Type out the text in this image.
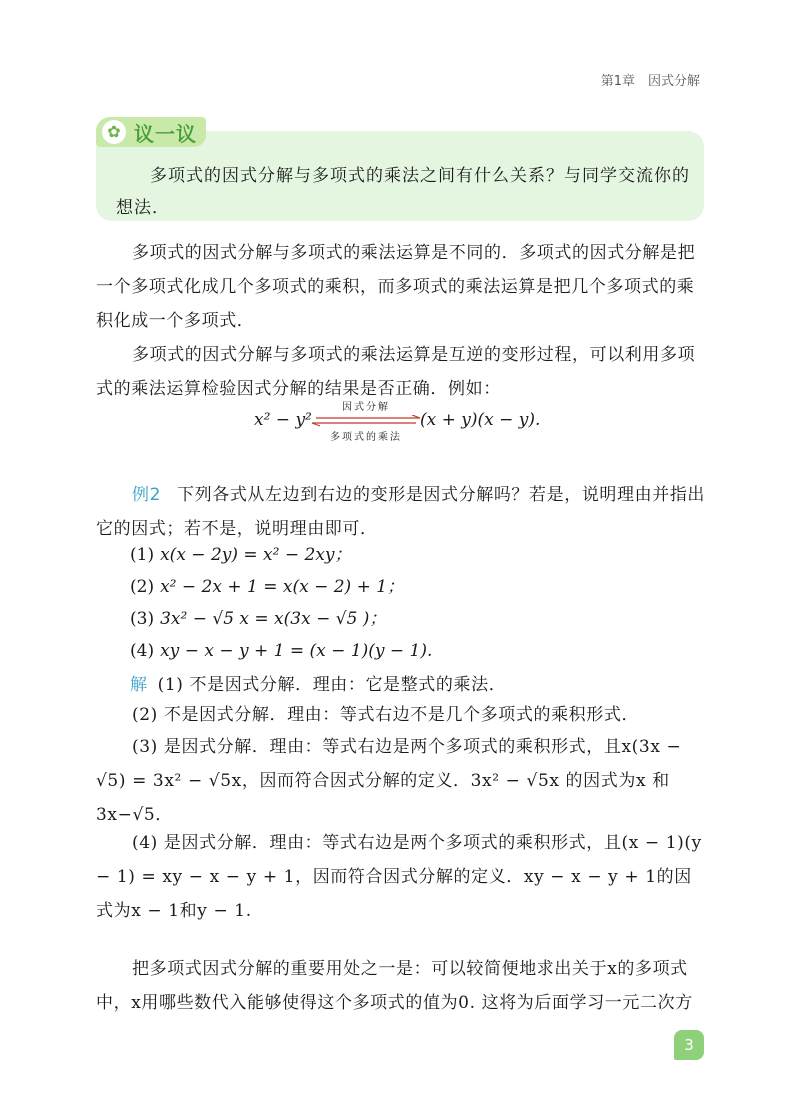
第1章　因式分解
✿ 议一议
多项式的因式分解与多项式的乘法之间有什么关系？与同学交流你的想法．
多项式的因式分解与多项式的乘法运算是不同的．多项式的因式分解是把一个多项式化成几个多项式的乘积，而多项式的乘法运算是把几个多项式的乘积化成一个多项式．
多项式的因式分解与多项式的乘法运算是互逆的变形过程，可以利用多项式的乘法运算检验因式分解的结果是否正确．例如：
x² − y²
因式分解
多项式的乘法
(x + y)(x − y).
例2 下列各式从左边到右边的变形是因式分解吗？若是，说明理由并指出它的因式；若不是，说明理由即可．
(1) x(x − 2y) = x² − 2xy；
(2) x² − 2x + 1 = x(x − 2) + 1；
(3) 3x² − √5 x = x(3x − √5 )；
(4) xy − x − y + 1 = (x − 1)(y − 1).
解 (1) 不是因式分解．理由：它是整式的乘法．
(2) 不是因式分解．理由：等式右边不是几个多项式的乘积形式．
(3) 是因式分解．理由：等式右边是两个多项式的乘积形式，且x(3x − √5) = 3x² − √5x，因而符合因式分解的定义．3x² − √5x 的因式为x 和3x−√5．
(4) 是因式分解．理由：等式右边是两个多项式的乘积形式，且(x − 1)(y − 1) = xy − x − y + 1，因而符合因式分解的定义．xy − x − y + 1的因式为x − 1和y − 1.
把多项式因式分解的重要用处之一是：可以较简便地求出关于x的多项式中，x用哪些数代入能够使得这个多项式的值为0. 这将为后面学习一元二次方
3
